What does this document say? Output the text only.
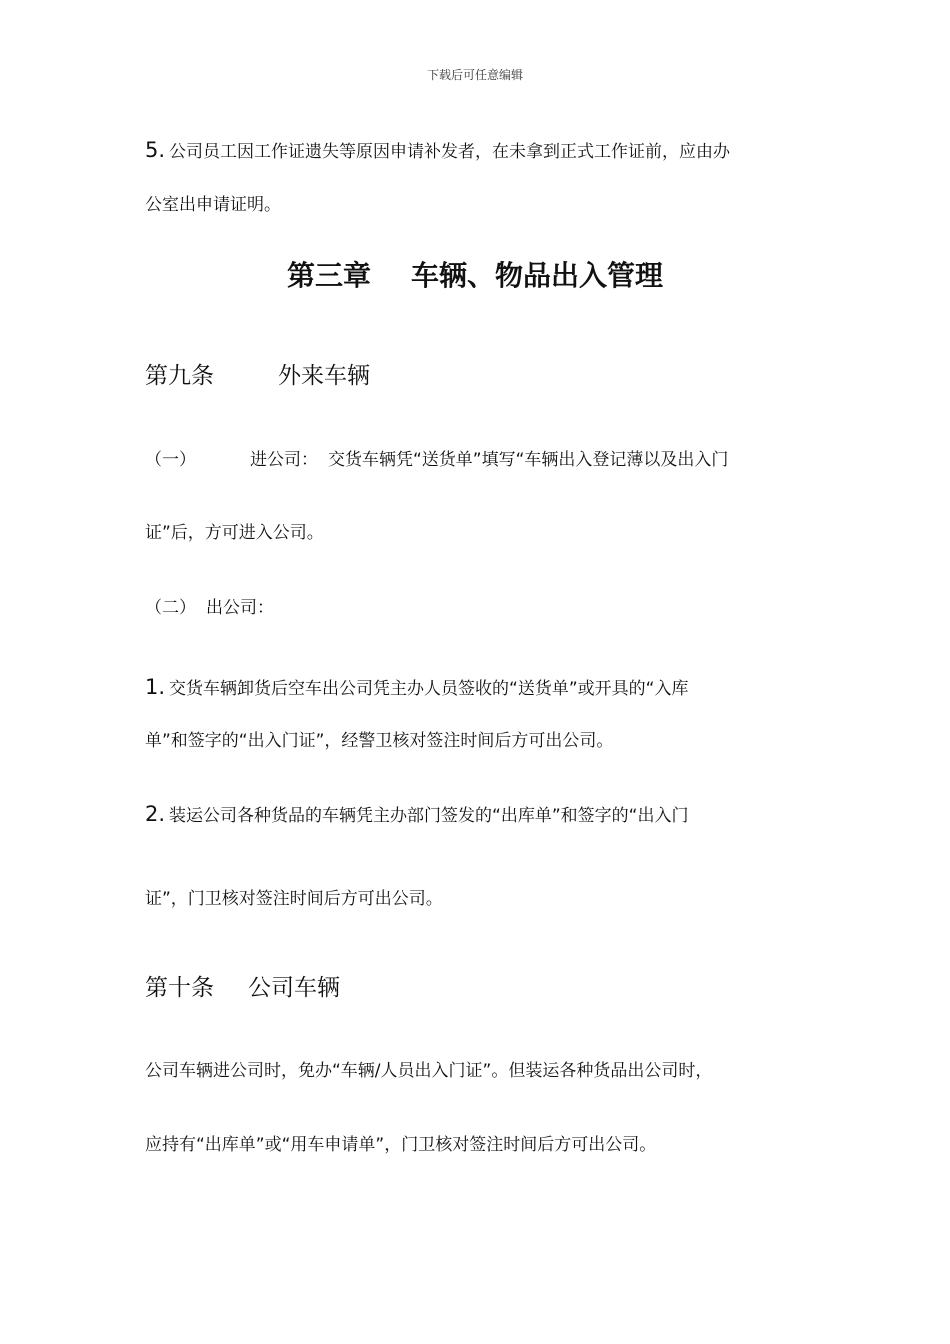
下载后可任意编辑
5. 公司员工因工作证遗失等原因申请补发者，在未拿到正式工作证前，应由办
公室出申请证明。
第三章 车辆、物品出入管理
第九条	外来车辆
（一）	进公司： 交货车辆凭“送货单”填写“车辆出入登记薄以及出入门
证”后，方可进入公司。
（二） 出公司：
1. 交货车辆卸货后空车出公司凭主办人员签收的“送货单”或开具的“入库
单”和签字的“出入门证”，经警卫核对签注时间后方可出公司。
2. 装运公司各种货品的车辆凭主办部门签发的“出库单”和签字的“出入门
证”，门卫核对签注时间后方可出公司。
第十条 公司车辆
公司车辆进公司时，免办“车辆/人员出入门证”。但装运各种货品出公司时，
应持有“出库单”或“用车申请单”，门卫核对签注时间后方可出公司。
